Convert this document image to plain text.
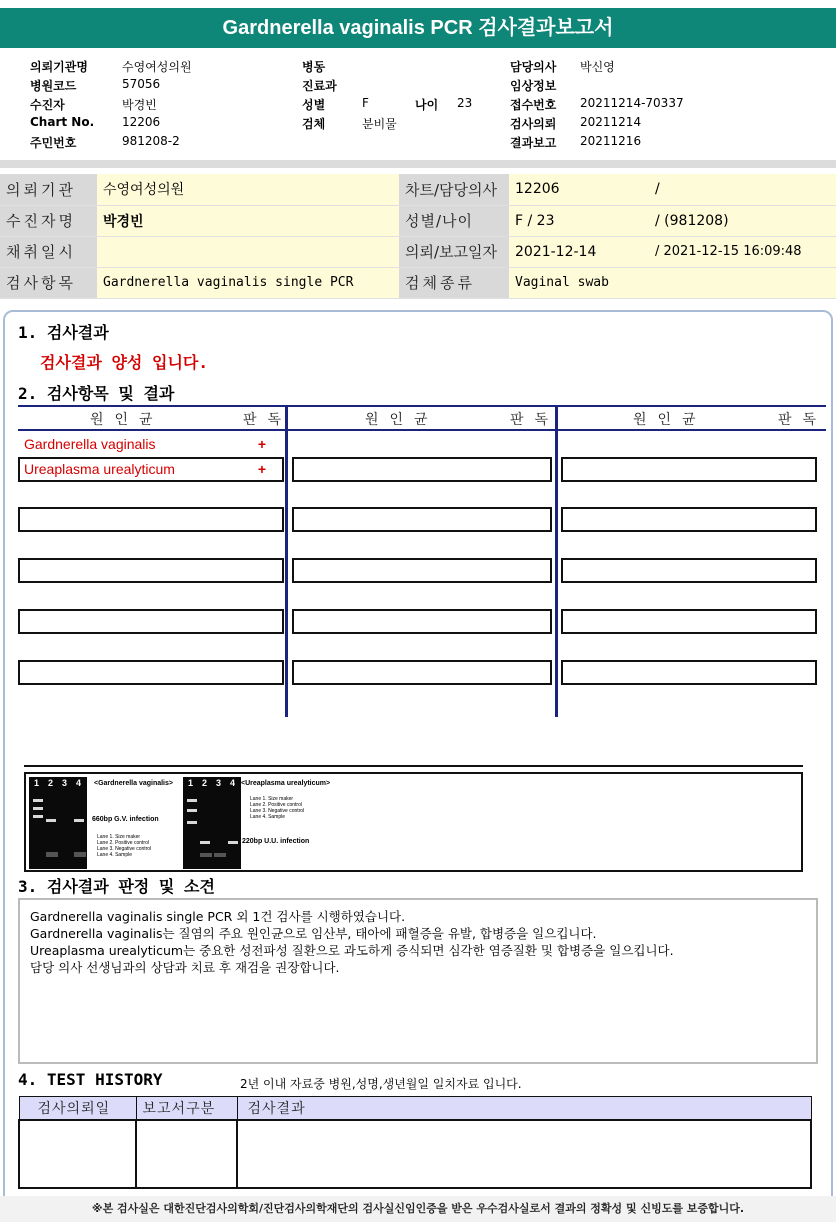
Gardnerella vaginalis PCR 검사결과보고서
의뢰기관명	수영여성의원
병원코드	57056
수진자	박경빈
Chart No. 12206
주민번호	981208-2
병동
진료과
성별	F	나이 23
검체	분비물
담당의사 박신영
임상정보
접수번호 20211214-70337
검사의뢰 20211214
결과보고 20211216
의뢰기관	수영여성의원	차트/담당의사	12206	/
수진자명	박경빈	성별/나이	F / 23	/ (981208)
채취일시		의뢰/보고일자	2021-12-14	/ 2021-12-15 16:09:48
검사항목	Gardnerella vaginalis single PCR	검체종류	Vaginal swab	
1. 검사결과
검사결과 양성 입니다.
2. 검사항목 및 결과
원인균	판독	원인균	판독	원인균	판독
Gardnerella vaginalis	+
Ureaplasma urealyticum	+
1 2 3 4 <Gardnerella vaginalis>
660bp G.V. infection
Lane 1. Size maker
Lane 2. Positive control
Lane 3. Negative control
Lane 4. Sample
1 2 3 4 <Ureaplasma urealyticum>
Lane 1. Size maker
Lane 2. Positive control
Lane 3. Negative control
Lane 4. Sample
220bp U.U. infection
3. 검사결과 판정 및 소견
Gardnerella vaginalis single PCR 외 1건 검사를 시행하였습니다.
Gardnerella vaginalis는 질염의 주요 원인균으로 임산부, 태아에 패혈증을 유발, 합병증을 일으킵니다.
Ureaplasma urealyticum는 중요한 성전파성 질환으로 과도하게 증식되면 심각한 염증질환 및 합병증을 일으킵니다.
담당 의사 선생님과의 상담과 치료 후 재검을 권장합니다.
4. TEST HISTORY	2년 이내 자료중 병원,성명,생년월일 일치자료 입니다.
검사의뢰일	보고서구분	검사결과

※본 검사실은 대한진단검사의학회/진단검사의학재단의 검사실신임인증을 받은 우수검사실로서 결과의 정확성 및 신빙도를 보증합니다.
